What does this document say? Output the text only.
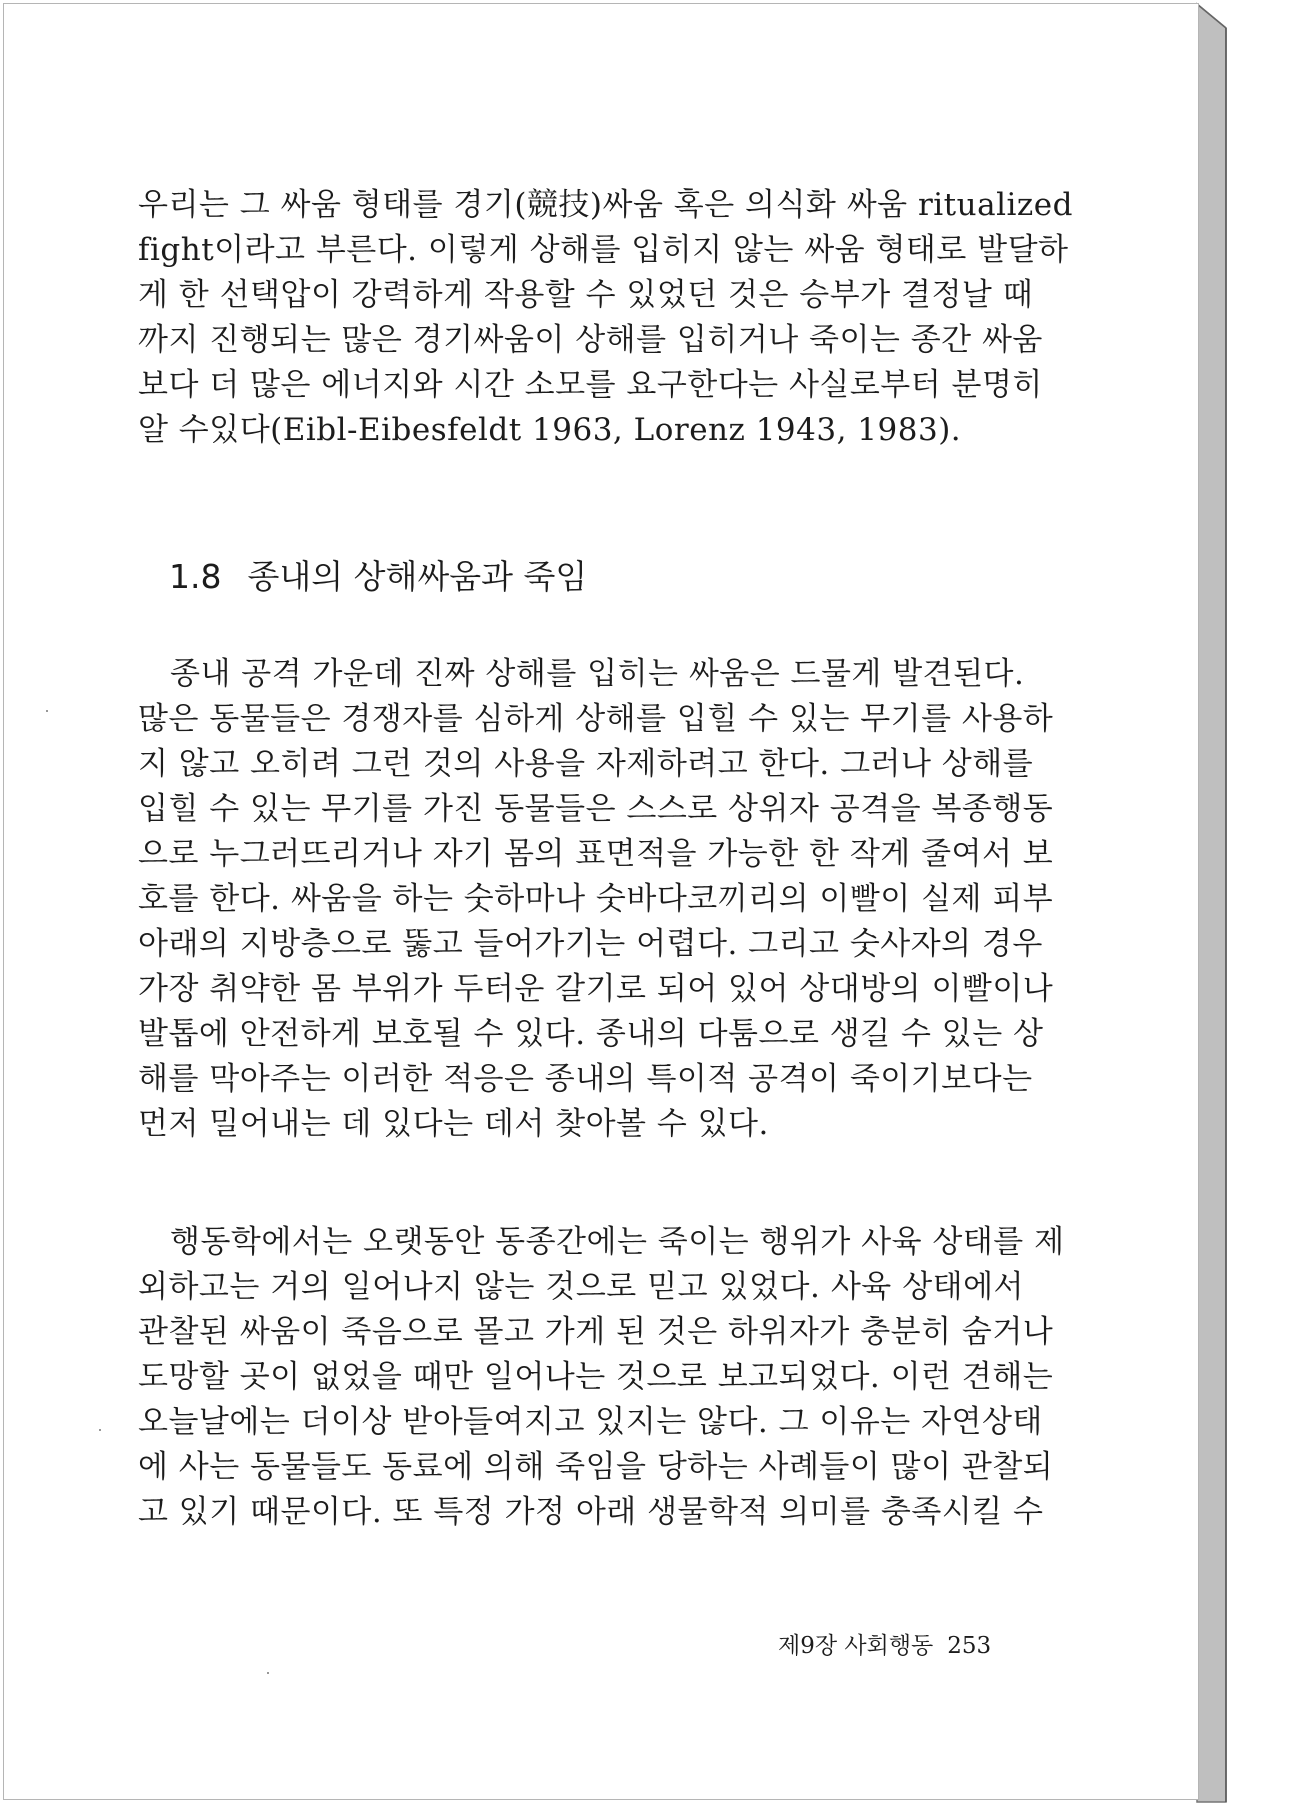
우리는 그 싸움 형태를 경기(競技)싸움 혹은 의식화 싸움 ritualized
fight이라고 부른다. 이렇게 상해를 입히지 않는 싸움 형태로 발달하
게 한 선택압이 강력하게 작용할 수 있었던 것은 승부가 결정날 때
까지 진행되는 많은 경기싸움이 상해를 입히거나 죽이는 종간 싸움
보다 더 많은 에너지와 시간 소모를 요구한다는 사실로부터 분명히
알 수있다(Eibl-Eibesfeldt 1963, Lorenz 1943, 1983).
1.8 종내의 상해싸움과 죽임
종내 공격 가운데 진짜 상해를 입히는 싸움은 드물게 발견된다.
많은 동물들은 경쟁자를 심하게 상해를 입힐 수 있는 무기를 사용하
지 않고 오히려 그런 것의 사용을 자제하려고 한다. 그러나 상해를
입힐 수 있는 무기를 가진 동물들은 스스로 상위자 공격을 복종행동
으로 누그러뜨리거나 자기 몸의 표면적을 가능한 한 작게 줄여서 보
호를 한다. 싸움을 하는 숫하마나 숫바다코끼리의 이빨이 실제 피부
아래의 지방층으로 뚫고 들어가기는 어렵다. 그리고 숫사자의 경우
가장 취약한 몸 부위가 두터운 갈기로 되어 있어 상대방의 이빨이나
발톱에 안전하게 보호될 수 있다. 종내의 다툼으로 생길 수 있는 상
해를 막아주는 이러한 적응은 종내의 특이적 공격이 죽이기보다는
먼저 밀어내는 데 있다는 데서 찾아볼 수 있다.
행동학에서는 오랫동안 동종간에는 죽이는 행위가 사육 상태를 제
외하고는 거의 일어나지 않는 것으로 믿고 있었다. 사육 상태에서
관찰된 싸움이 죽음으로 몰고 가게 된 것은 하위자가 충분히 숨거나
도망할 곳이 없었을 때만 일어나는 것으로 보고되었다. 이런 견해는
오늘날에는 더이상 받아들여지고 있지는 않다. 그 이유는 자연상태
에 사는 동물들도 동료에 의해 죽임을 당하는 사례들이 많이 관찰되
고 있기 때문이다. 또 특정 가정 아래 생물학적 의미를 충족시킬 수
제9장 사회행동 253
